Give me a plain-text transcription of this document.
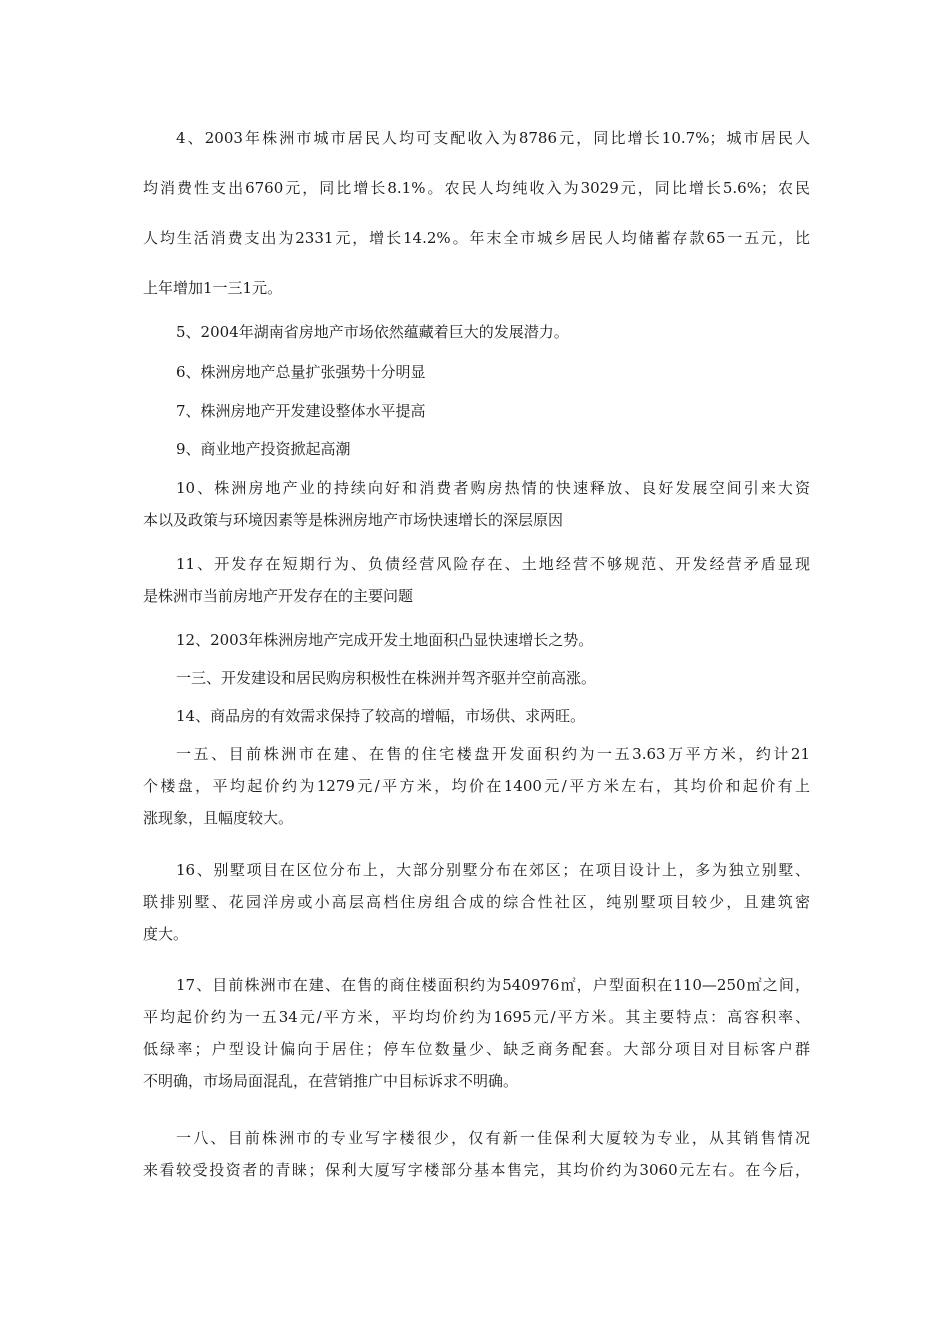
4、2003年株洲市城市居民人均可支配收入为8786元，同比增长10.7%；城市居民人
均消费性支出6760元，同比增长8.1%。农民人均纯收入为3029元，同比增长5.6%；农民
人均生活消费支出为2331元，增长14.2%。年末全市城乡居民人均储蓄存款65一五元，比
上年增加1一三1元。
5、2004年湖南省房地产市场依然蕴藏着巨大的发展潜力。
6、株洲房地产总量扩张强势十分明显
7、株洲房地产开发建设整体水平提高
9、商业地产投资掀起高潮
10、株洲房地产业的持续向好和消费者购房热情的快速释放、良好发展空间引来大资
本以及政策与环境因素等是株洲房地产市场快速增长的深层原因
11、开发存在短期行为、负债经营风险存在、土地经营不够规范、开发经营矛盾显现
是株洲市当前房地产开发存在的主要问题
12、2003年株洲房地产完成开发土地面积凸显快速增长之势。
一三、开发建设和居民购房积极性在株洲并驾齐驱并空前高涨。
14、商品房的有效需求保持了较高的增幅，市场供、求两旺。
一五、目前株洲市在建、在售的住宅楼盘开发面积约为一五3.63万平方米，约计21
个楼盘，平均起价约为1279元/平方米，均价在1400元/平方米左右，其均价和起价有上
涨现象，且幅度较大。
16、别墅项目在区位分布上，大部分别墅分布在郊区；在项目设计上，多为独立别墅、
联排别墅、花园洋房或小高层高档住房组合成的综合性社区，纯别墅项目较少，且建筑密
度大。
17、目前株洲市在建、在售的商住楼面积约为540976㎡，户型面积在110—250㎡之间，
平均起价约为一五34元/平方米，平均均价约为1695元/平方米。其主要特点：高容积率、
低绿率；户型设计偏向于居住；停车位数量少、缺乏商务配套。大部分项目对目标客户群
不明确，市场局面混乱，在营销推广中目标诉求不明确。
一八、目前株洲市的专业写字楼很少，仅有新一佳保利大厦较为专业，从其销售情况
来看较受投资者的青睐；保利大厦写字楼部分基本售完，其均价约为3060元左右。在今后，
